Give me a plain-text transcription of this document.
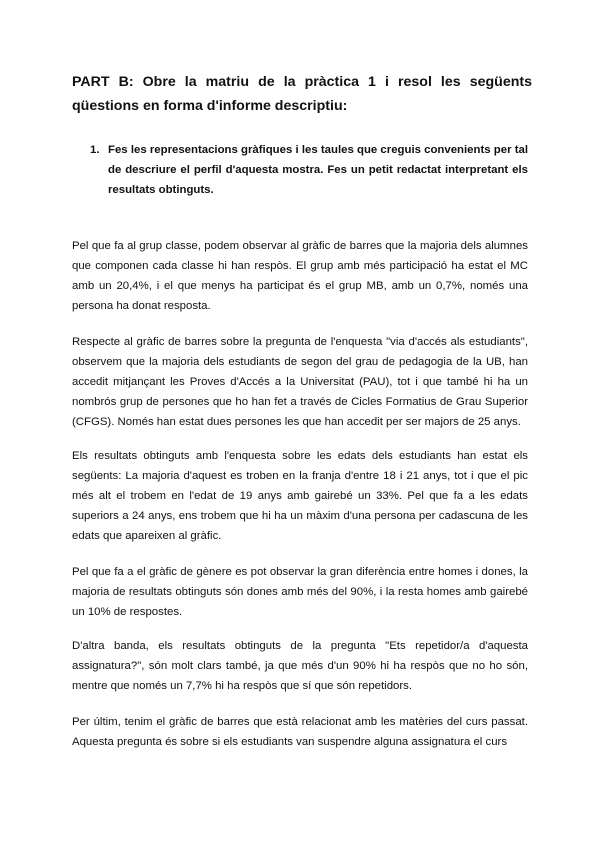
PART B: Obre la matriu de la pràctica 1 i resol les següents qüestions en forma d'informe descriptiu:
1. Fes les representacions gràfiques i les taules que creguis convenients per tal de descriure el perfil d'aquesta mostra. Fes un petit redactat interpretant els resultats obtinguts.

Pel que fa al grup classe, podem observar al gràfic de barres que la majoria dels alumnes que componen cada classe hi han respòs. El grup amb més participació ha estat el MC amb un 20,4%, i el que menys ha participat és el grup MB, amb un 0,7%, només una persona ha donat resposta.

Respecte al gràfic de barres sobre la pregunta de l'enquesta "via d'accés als estudiants", observem que la majoria dels estudiants de segon del grau de pedagogia de la UB, han accedit mitjançant les Proves d'Accés a la Universitat (PAU), tot i que també hi ha un nombrós grup de persones que ho han fet a través de Cicles Formatius de Grau Superior (CFGS). Només han estat dues persones les que han accedit per ser majors de 25 anys.

Els resultats obtinguts amb l'enquesta sobre les edats dels estudiants han estat els següents: La majoria d'aquest es troben en la franja d'entre 18 i 21 anys, tot i que el pic més alt el trobem en l'edat de 19 anys amb gairebé un 33%. Pel que fa a les edats superiors a 24 anys, ens trobem que hi ha un màxim d'una persona per cadascuna de les edats que apareixen al gràfic.

Pel que fa a el gràfic de gènere es pot observar la gran diferència entre homes i dones, la majoria de resultats obtinguts són dones amb més del 90%, i la resta homes amb gairebé un 10% de respostes.

D'altra banda, els resultats obtinguts de la pregunta "Ets repetidor/a d'aquesta assignatura?", són molt clars també, ja que més d'un 90% hi ha respòs que no ho són, mentre que només un 7,7% hi ha respòs que sí que són repetidors.

Per últim, tenim el gràfic de barres que està relacionat amb les matèries del curs passat. Aquesta pregunta és sobre si els estudiants van suspendre alguna assignatura el curs
